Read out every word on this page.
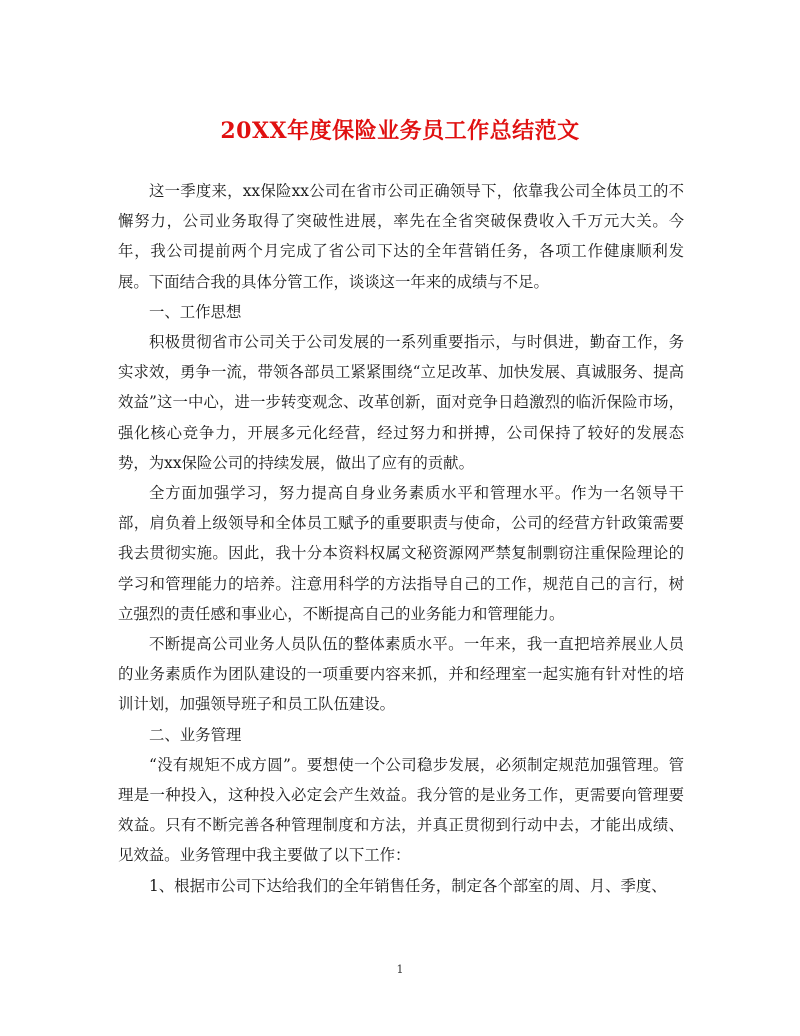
20XX年度保险业务员工作总结范文

这一季度来，xx保险xx公司在省市公司正确领导下，依靠我公司全体员工的不懈努力，公司业务取得了突破性进展，率先在全省突破保费收入千万元大关。今年，我公司提前两个月完成了省公司下达的全年营销任务，各项工作健康顺利发展。下面结合我的具体分管工作，谈谈这一年来的成绩与不足。

一、工作思想

积极贯彻省市公司关于公司发展的一系列重要指示，与时俱进，勤奋工作，务实求效，勇争一流，带领各部员工紧紧围绕“立足改革、加快发展、真诚服务、提高效益”这一中心，进一步转变观念、改革创新，面对竞争日趋激烈的临沂保险市场，强化核心竞争力，开展多元化经营，经过努力和拼搏，公司保持了较好的发展态势，为xx保险公司的持续发展，做出了应有的贡献。

全方面加强学习，努力提高自身业务素质水平和管理水平。作为一名领导干部，肩负着上级领导和全体员工赋予的重要职责与使命，公司的经营方针政策需要我去贯彻实施。因此，我十分本资料权属文秘资源网严禁复制剽窃注重保险理论的学习和管理能力的培养。注意用科学的方法指导自己的工作，规范自己的言行，树立强烈的责任感和事业心，不断提高自己的业务能力和管理能力。

不断提高公司业务人员队伍的整体素质水平。一年来，我一直把培养展业人员的业务素质作为团队建设的一项重要内容来抓，并和经理室一起实施有针对性的培训计划，加强领导班子和员工队伍建设。

二、业务管理

“没有规矩不成方圆”。要想使一个公司稳步发展，必须制定规范加强管理。管理是一种投入，这种投入必定会产生效益。我分管的是业务工作，更需要向管理要效益。只有不断完善各种管理制度和方法，并真正贯彻到行动中去，才能出成绩、见效益。业务管理中我主要做了以下工作：

1、根据市公司下达给我们的全年销售任务，制定各个部室的周、月、季度、

1
